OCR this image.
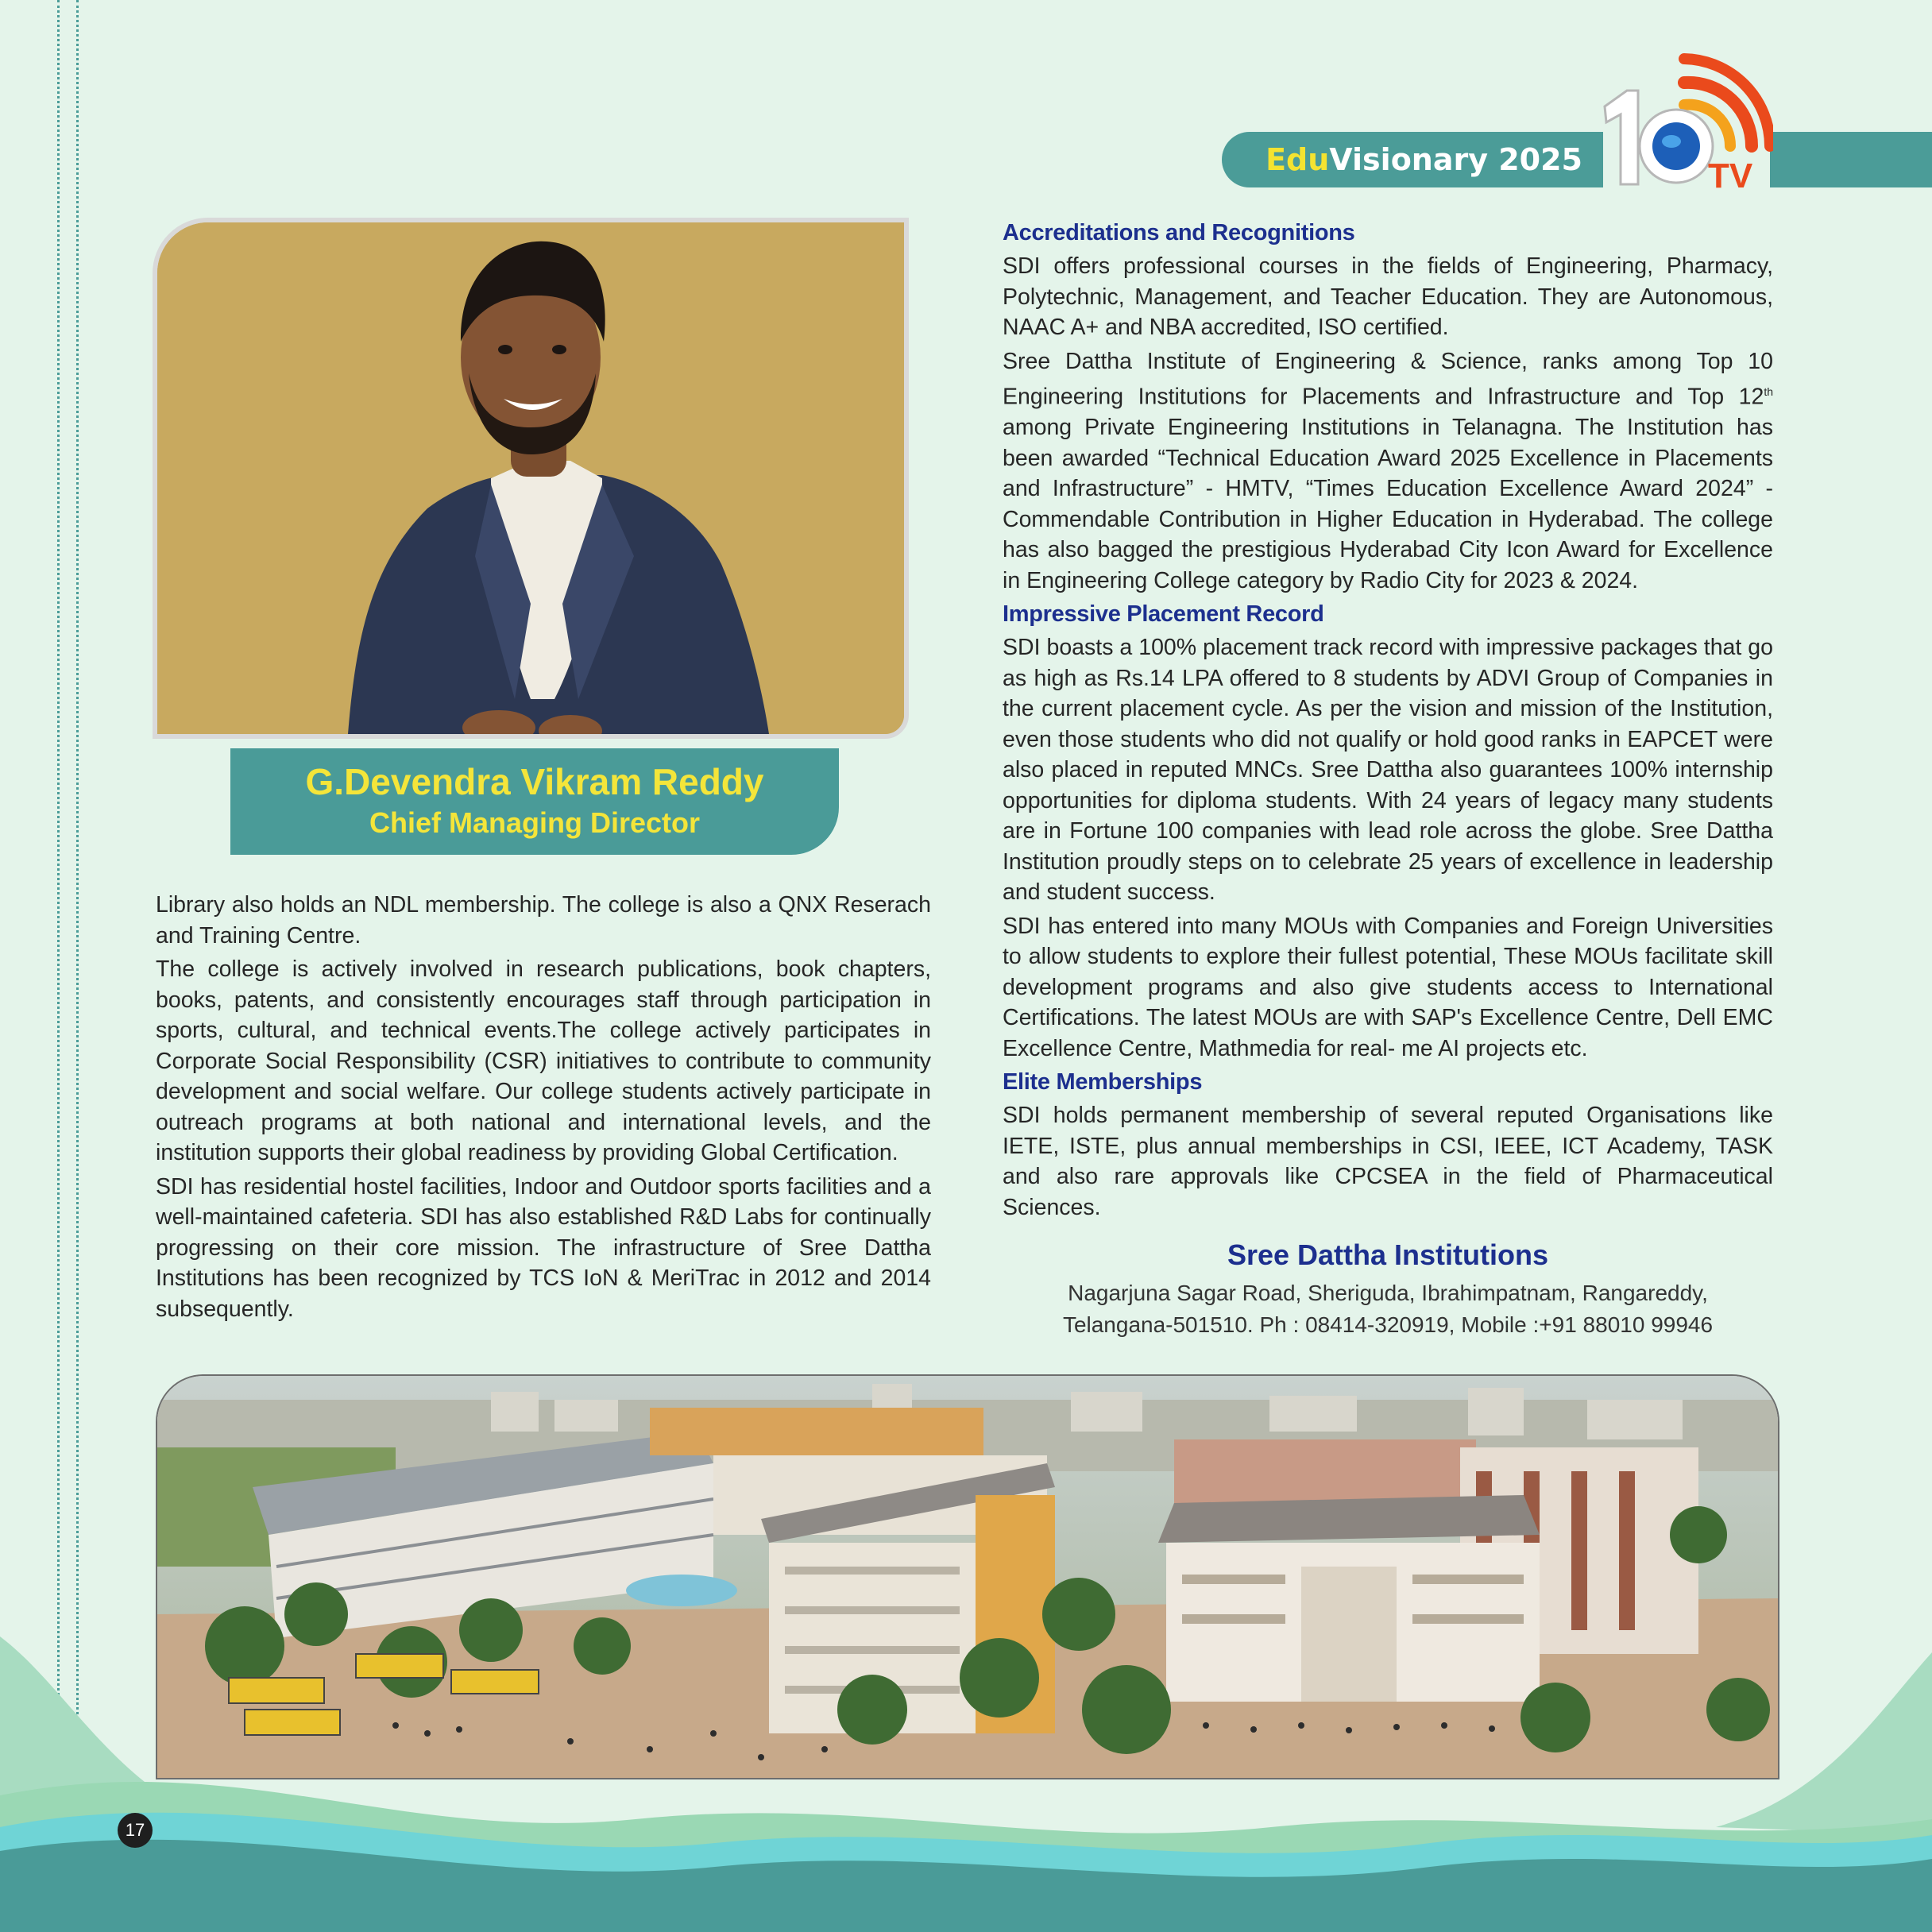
Edu Visionary 2025	TV
G.Devendra Vikram Reddy
Chief Managing Director

Library also holds an NDL membership. The college is also a QNX Reserach and Training Centre.

The college is actively involved in research publications, book chapters, books, patents, and consistently encourages staff through participation in sports, cultural, and technical events.The college actively participates in Corporate Social Responsibility (CSR) initiatives to contribute to community development and social welfare. Our college students actively participate in outreach programs at both national and international levels, and the institution supports their global readiness by providing Global Certification.

SDI has residential hostel facilities, Indoor and Outdoor sports facilities and a well-maintained cafeteria. SDI has also established R&D Labs for continually progressing on their core mission. The infrastructure of Sree Dattha Institutions has been recognized by TCS IoN & MeriTrac in 2012 and 2014 subsequently.

Accreditations and Recognitions

SDI offers professional courses in the fields of Engineering, Pharmacy, Polytechnic, Management, and Teacher Education. They are Autonomous, NAAC A+ and NBA accredited, ISO certified.

Sree Dattha Institute of Engineering & Science, ranks among Top 10 Engineering Institutions for Placements and Infrastructure and Top 12th among Private Engineering Institutions in Telanagna. The Institution has been awarded “Technical Education Award 2025 Excellence in Placements and Infrastructure” - HMTV, “Times Education Excellence Award 2024” - Commendable Contribution in Higher Education in Hyderabad. The college has also bagged the prestigious Hyderabad City Icon Award for Excellence in Engineering College category by Radio City for 2023 & 2024.

Impressive Placement Record

SDI boasts a 100% placement track record with impressive packages that go as high as Rs.14 LPA offered to 8 students by ADVI Group of Companies in the current placement cycle. As per the vision and mission of the Institution, even those students who did not qualify or hold good ranks in EAPCET were also placed in reputed MNCs. Sree Dattha also guarantees 100% internship opportunities for diploma students. With 24 years of legacy many students are in Fortune 100 companies with lead role across the globe. Sree Dattha Institution proudly steps on to celebrate 25 years of excellence in leadership and student success.

SDI has entered into many MOUs with Companies and Foreign Universities to allow students to explore their fullest potential, These MOUs facilitate skill development programs and also give students access to International Certifications. The latest MOUs are with SAP's Excellence Centre, Dell EMC Excellence Centre, Mathmedia for real- me AI projects etc.

Elite Memberships

SDI holds permanent membership of several reputed Organisations like IETE, ISTE, plus annual memberships in CSI, IEEE, ICT Academy, TASK and also rare approvals like CPCSEA in the field of Pharmaceutical Sciences.

Sree Dattha Institutions
Nagarjuna Sagar Road, Sheriguda, Ibrahimpatnam, Rangareddy,
Telangana-501510. Ph : 08414-320919, Mobile :+91 88010 99946
17
